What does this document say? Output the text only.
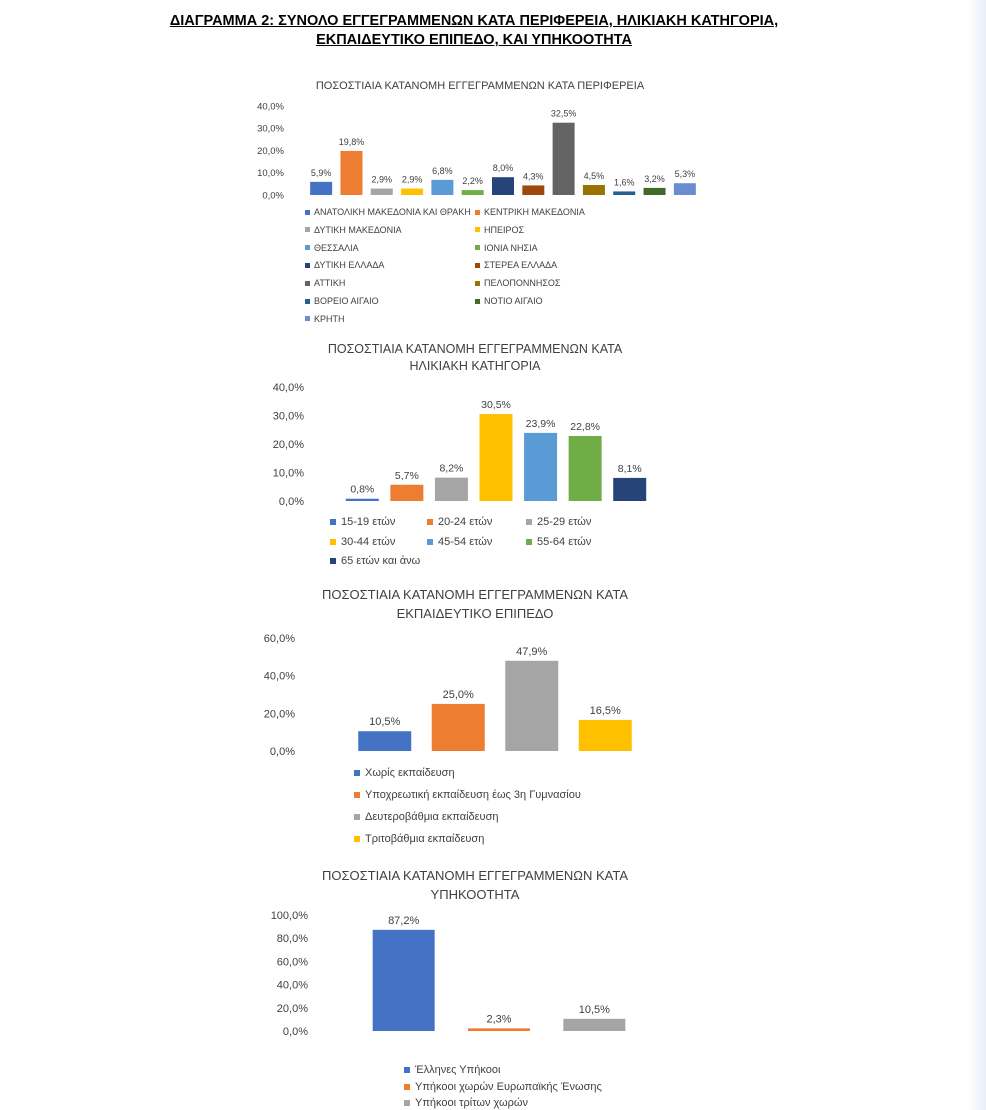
ΔΙΑΓΡΑΜΜΑ 2: ΣΥΝΟΛΟ ΕΓΓΕΓΡΑΜΜΕΝΩΝ ΚΑΤΑ ΠΕΡΙΦΕΡΕΙΑ, ΗΛΙΚΙΑΚΗ ΚΑΤΗΓΟΡΙΑ,
ΕΚΠΑΙΔΕΥΤΙΚΟ ΕΠΙΠΕΔΟ, ΚΑΙ ΥΠΗΚΟΟΤΗΤΑ
ΠΟΣΟΣΤΙΑΙΑ ΚΑΤΑΝΟΜΗ ΕΓΓΕΓΡΑΜΜΕΝΩΝ ΚΑΤΑ ΠΕΡΙΦΕΡΕΙΑ
0,0%
10,0%
20,0%
30,0%
40,0%
5,9%
19,8%
2,9% 2,9%
6,8%
2,2%
8,0%
4,3%
32,5%
4,5%
1,6% 3,2% 5,3%
ΑΝΑΤΟΛΙΚΗ ΜΑΚΕΔΟΝΙΑ ΚΑΙ ΘΡΑΚΗ ΚΕΝΤΡΙΚΗ ΜΑΚΕΔΟΝΙΑ
ΔΥΤΙΚΗ ΜΑΚΕΔΟΝΙΑ	ΗΠΕΙΡΟΣ
ΘΕΣΣΑΛΙΑ	ΙΟΝΙΑ ΝΗΣΙΑ
ΔΥΤΙΚΗ ΕΛΛΑΔΑ	ΣΤΕΡΕΑ ΕΛΛΑΔΑ
ΑΤΤΙΚΗ	ΠΕΛΟΠΟΝΝΗΣΟΣ
ΒΟΡΕΙΟ ΑΙΓΑΙΟ	ΝΟΤΙΟ ΑΙΓΑΙΟ
ΚΡΗΤΗ
ΠΟΣΟΣΤΙΑΙΑ ΚΑΤΑΝΟΜΗ ΕΓΓΕΓΡΑΜΜΕΝΩΝ ΚΑΤΑ
ΗΛΙΚΙΑΚΗ ΚΑΤΗΓΟΡΙΑ
0,0%
10,0%
20,0%
30,0%
40,0%
0,8%
5,7%
8,2%
30,5%
23,9% 22,8%
8,1%
15-19 ετών	20-24 ετών	25-29 ετών
30-44 ετών	45-54 ετών	55-64 ετών
65 ετών και άνω
ΠΟΣΟΣΤΙΑΙΑ ΚΑΤΑΝΟΜΗ ΕΓΓΕΓΡΑΜΜΕΝΩΝ ΚΑΤΑ
ΕΚΠΑΙΔΕΥΤΙΚΟ ΕΠΙΠΕΔΟ
0,0%
20,0%
40,0%
60,0%
10,5%
25,0%
47,9%
16,5%
Χωρίς εκπαίδευση
Υποχρεωτική εκπαίδευση έως 3η Γυμνασίου
Δευτεροβάθμια εκπαίδευση
Τριτοβάθμια εκπαίδευση
ΠΟΣΟΣΤΙΑΙΑ ΚΑΤΑΝΟΜΗ ΕΓΓΕΓΡΑΜΜΕΝΩΝ ΚΑΤΑ
ΥΠΗΚΟΟΤΗΤΑ
0,0%
20,0%
40,0%
60,0%
80,0%
100,0%	87,2%
2,3%
10,5%
Έλληνες Υπήκοοι
Υπήκοοι χωρών Ευρωπαϊκής Ένωσης
Υπήκοοι τρίτων χωρών
